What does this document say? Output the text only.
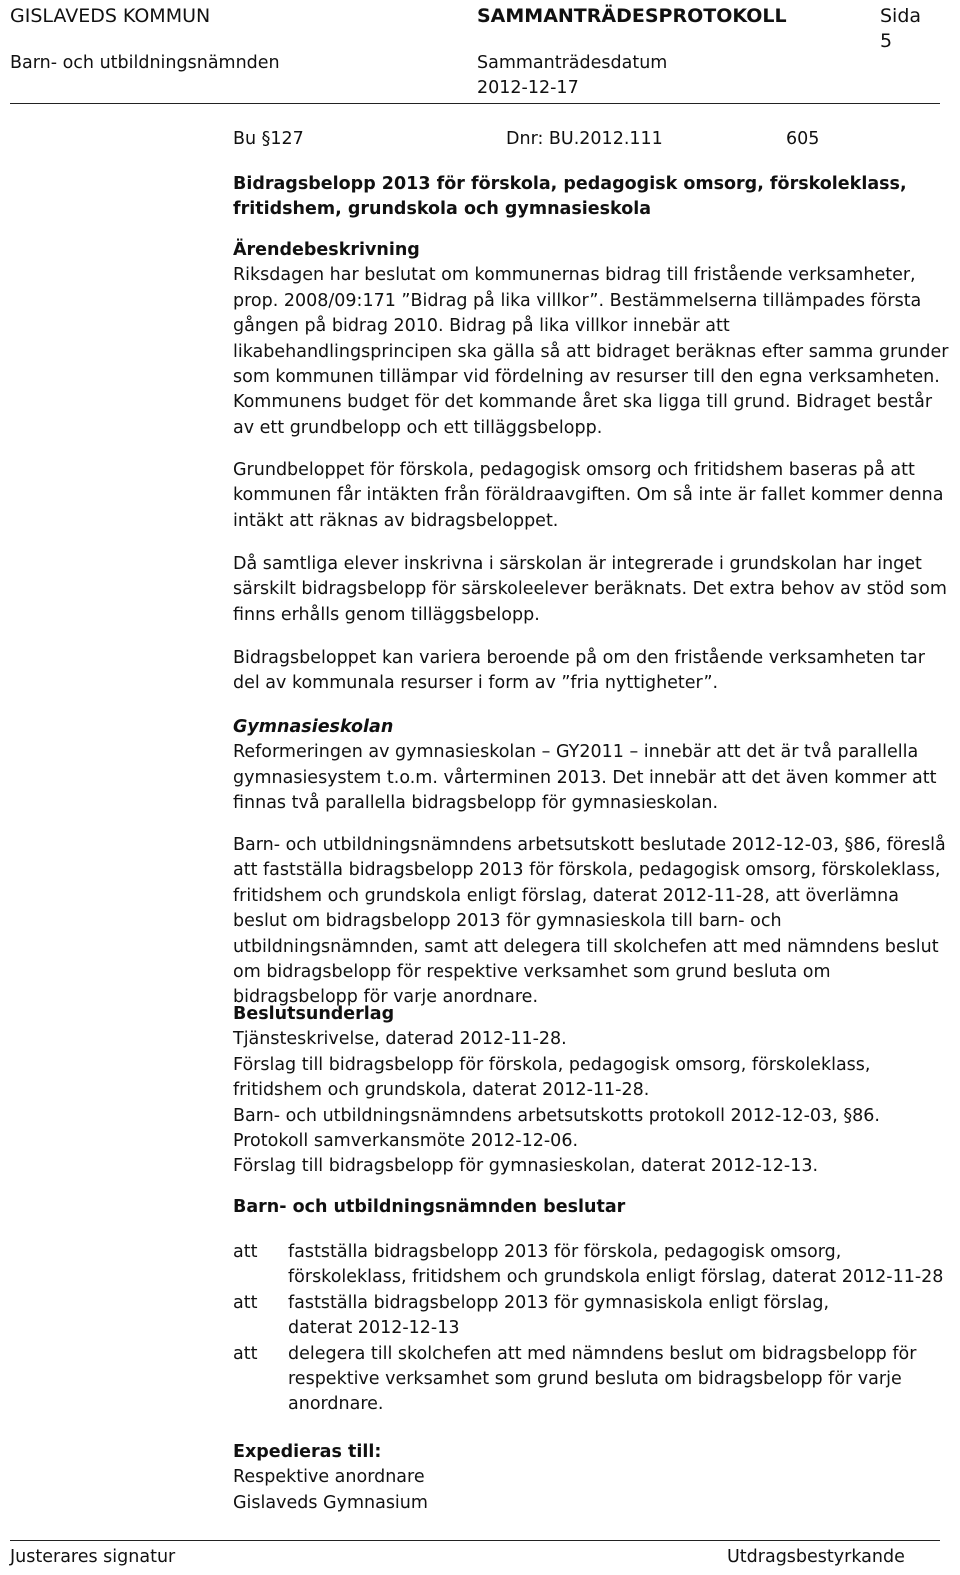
GISLAVEDS KOMMUN	SAMMANTRÄDESPROTOKOLL	Sida
5
Barn- och utbildningsnämnden	Sammanträdesdatum
2012-12-17
Bu §127	Dnr: BU.2012.111	605
Bidragsbelopp 2013 för förskola, pedagogisk omsorg, förskoleklass,
fritidshem, grundskola och gymnasieskola
Ärendebeskrivning

Riksdagen har beslutat om kommunernas bidrag till fristående verksamheter, prop. 2008/09:171 ”Bidrag på lika villkor”. Bestämmelserna tillämpades första gången på bidrag 2010. Bidrag på lika villkor innebär att likabehandlingsprincipen ska gälla så att bidraget beräknas efter samma grunder som kommunen tillämpar vid fördelning av resurser till den egna verksamheten. Kommunens budget för det kommande året ska ligga till grund. Bidraget består av ett grundbelopp och ett tilläggsbelopp.

Grundbeloppet för förskola, pedagogisk omsorg och fritidshem baseras på att kommunen får intäkten från föräldraavgiften. Om så inte är fallet kommer denna intäkt att räknas av bidragsbeloppet.

Då samtliga elever inskrivna i särskolan är integrerade i grundskolan har inget särskilt bidragsbelopp för särskoleelever beräknats. Det extra behov av stöd som finns erhålls genom tilläggsbelopp.

Bidragsbeloppet kan variera beroende på om den fristående verksamheten tar del av kommunala resurser i form av ”fria nyttigheter”.

Gymnasieskolan

Reformeringen av gymnasieskolan – GY2011 – innebär att det är två parallella gymnasiesystem t.o.m. vårterminen 2013. Det innebär att det även kommer att finnas två parallella bidragsbelopp för gymnasieskolan.

Barn- och utbildningsnämndens arbetsutskott beslutade 2012-12-03, §86, föreslå att fastställa bidragsbelopp 2013 för förskola, pedagogisk omsorg, förskoleklass, fritidshem och grundskola enligt förslag, daterat 2012-11-28, att överlämna beslut om bidragsbelopp 2013 för gymnasieskola till barn- och utbildningsnämnden, samt att delegera till skolchefen att med nämndens beslut om bidragsbelopp för respektive verksamhet som grund besluta om bidragsbelopp för varje anordnare.

Beslutsunderlag
Tjänsteskrivelse, daterad 2012-11-28.
Förslag till bidragsbelopp för förskola, pedagogisk omsorg, förskoleklass,
fritidshem och grundskola, daterat 2012-11-28.
Barn- och utbildningsnämndens arbetsutskotts protokoll 2012-12-03, §86.
Protokoll samverkansmöte 2012-12-06.
Förslag till bidragsbelopp för gymnasieskolan, daterat 2012-12-13.
Barn- och utbildningsnämnden beslutar
att	fastställa bidragsbelopp 2013 för förskola, pedagogisk omsorg, förskoleklass, fritidshem och grundskola enligt förslag, daterat 2012-11-28
att	fastställa bidragsbelopp 2013 för gymnasiskola enligt förslag, daterat 2012-12-13
att	delegera till skolchefen att med nämndens beslut om bidragsbelopp för respektive verksamhet som grund besluta om bidragsbelopp för varje anordnare.
Expedieras till:
Respektive anordnare
Gislaveds Gymnasium
Justerares signatur	Utdragsbestyrkande
